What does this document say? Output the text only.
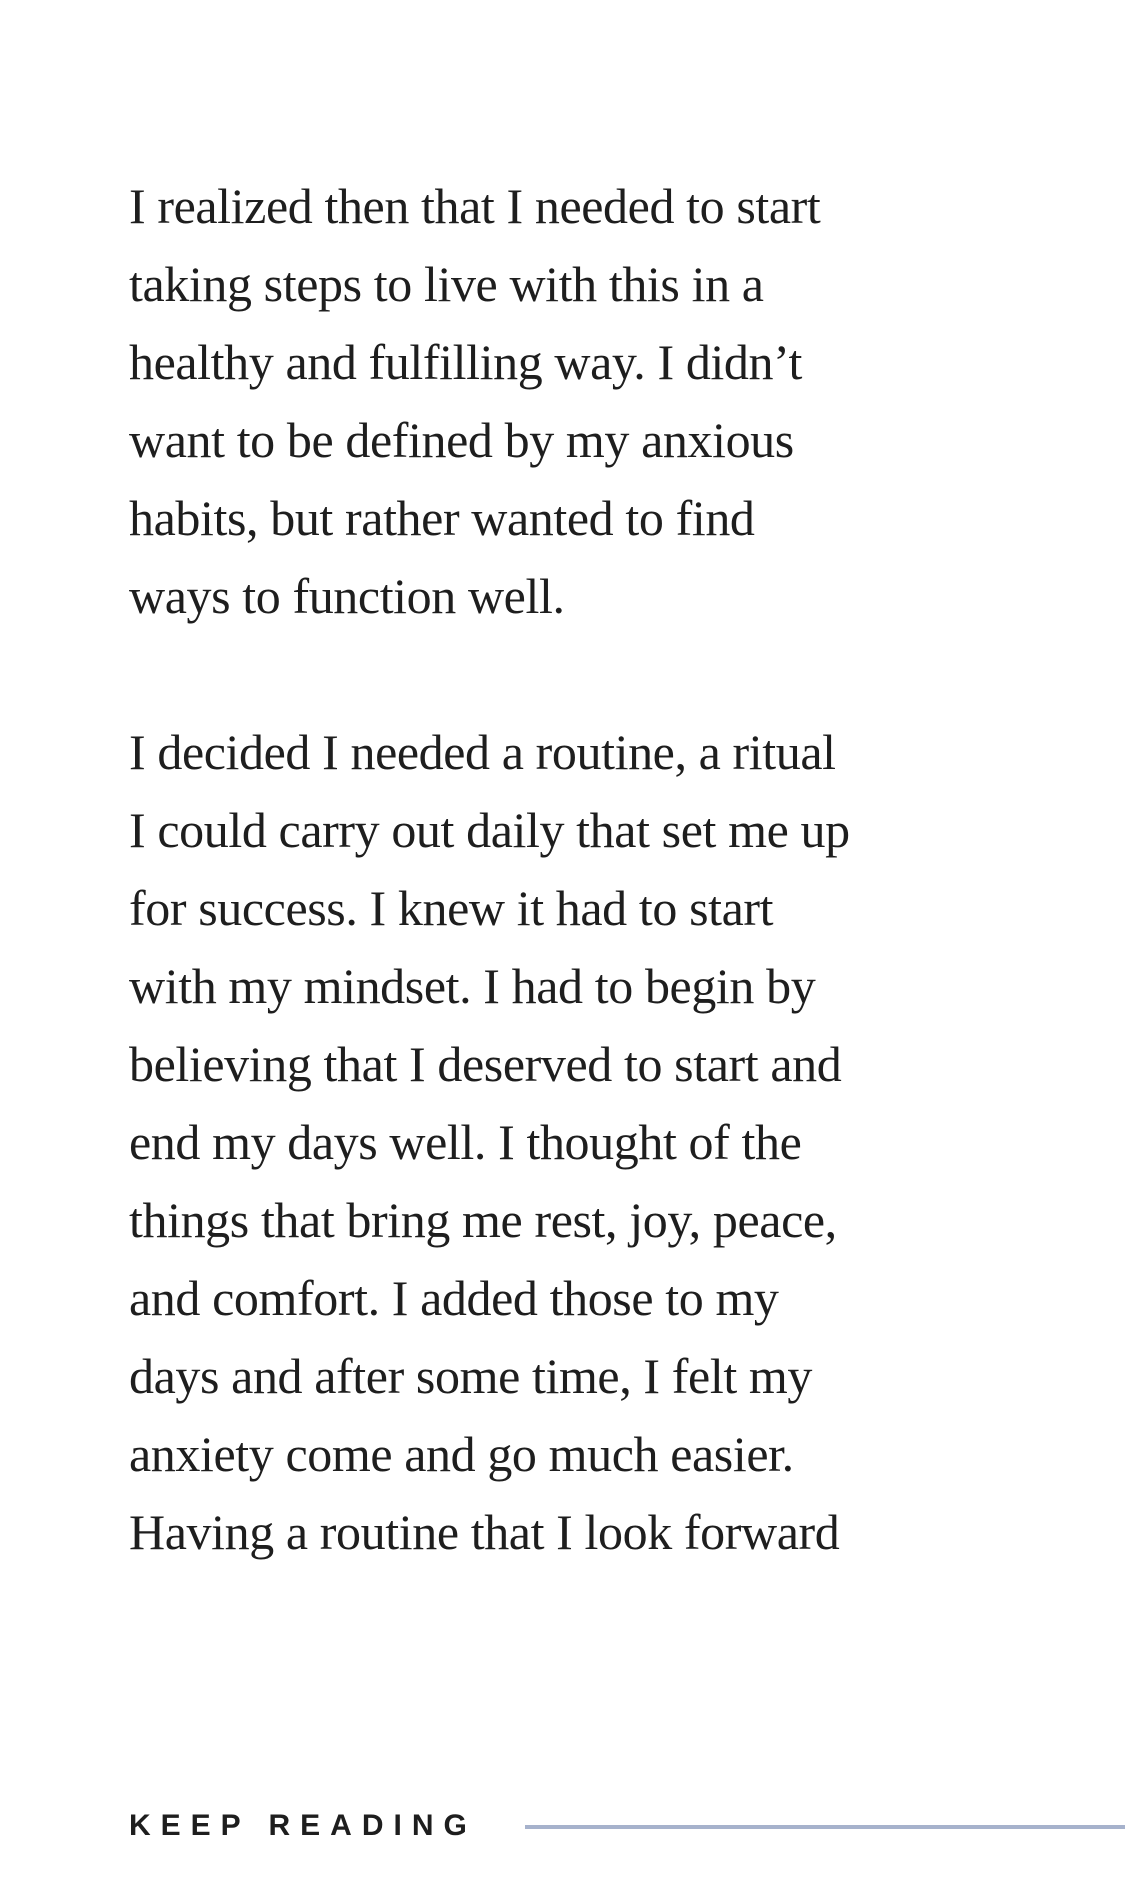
I realized then that I needed to start
taking steps to live with this in a
healthy and fulfilling way. I didn’t
want to be defined by my anxious
habits, but rather wanted to find
ways to function well.

I decided I needed a routine, a ritual
I could carry out daily that set me up
for success. I knew it had to start
with my mindset. I had to begin by
believing that I deserved to start and
end my days well. I thought of the
things that bring me rest, joy, peace,
and comfort. I added those to my
days and after some time, I felt my
anxiety come and go much easier.
Having a routine that I look forward

KEEP READING
